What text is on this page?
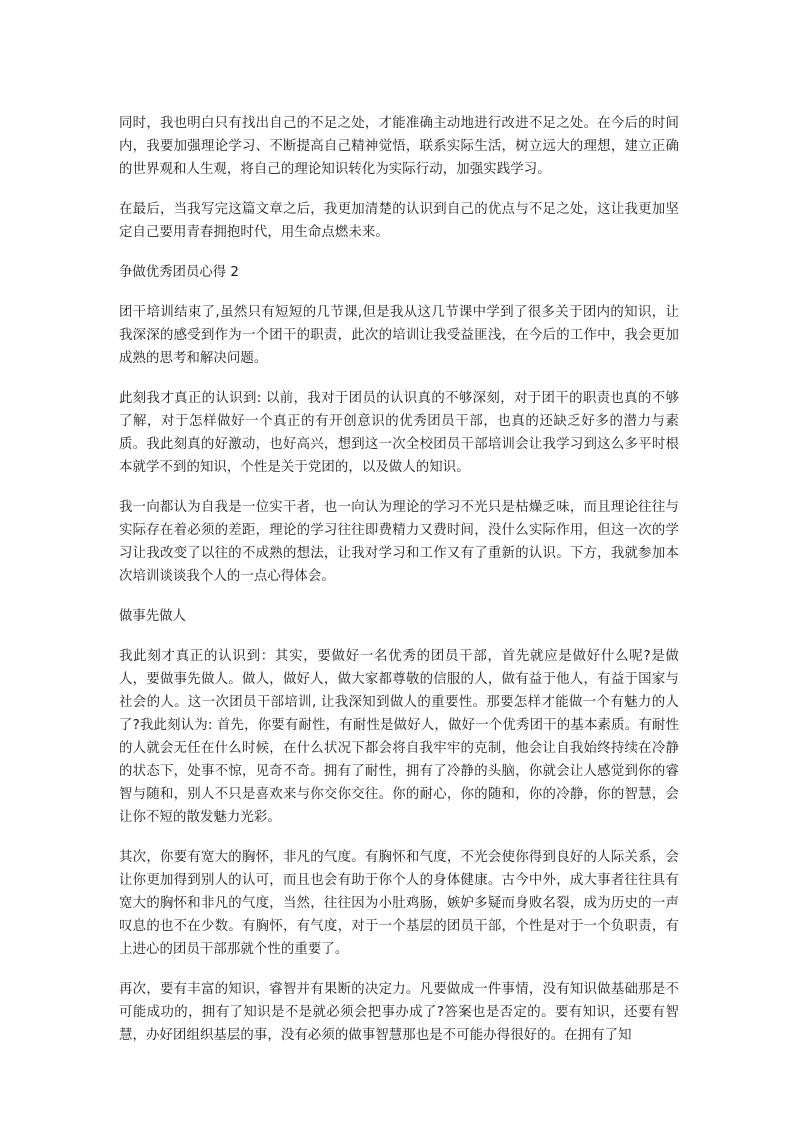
同时，我也明白只有找出自己的不足之处，才能准确主动地进行改进不足之处。在今后的时间内，我要加强理论学习、不断提高自己精神觉悟，联系实际生活，树立远大的理想，建立正确的世界观和人生观，将自己的理论知识转化为实际行动，加强实践学习。

在最后，当我写完这篇文章之后，我更加清楚的认识到自己的优点与不足之处，这让我更加坚定自己要用青春拥抱时代，用生命点燃未来。

争做优秀团员心得 2

团干培训结束了,虽然只有短短的几节课,但是我从这几节课中学到了很多关于团内的知识，让我深深的感受到作为一个团干的职责，此次的培训让我受益匪浅，在今后的工作中，我会更加成熟的思考和解决问题。

此刻我才真正的认识到: 以前，我对于团员的认识真的不够深刻，对于团干的职责也真的不够了解，对于怎样做好一个真正的有开创意识的优秀团员干部，也真的还缺乏好多的潜力与素质。我此刻真的好激动，也好高兴，想到这一次全校团员干部培训会让我学习到这么多平时根本就学不到的知识，个性是关于党团的，以及做人的知识。

我一向都认为自我是一位实干者，也一向认为理论的学习不光只是枯燥乏味，而且理论往往与实际存在着必须的差距，理论的学习往往即费精力又费时间，没什么实际作用，但这一次的学习让我改变了以往的不成熟的想法，让我对学习和工作又有了重新的认识。下方，我就参加本次培训谈谈我个人的一点心得体会。

做事先做人

我此刻才真正的认识到：其实，要做好一名优秀的团员干部，首先就应是做好什么呢?是做人，要做事先做人。做人，做好人，做大家都尊敬的信服的人，做有益于他人，有益于国家与社会的人。这一次团员干部培训, 让我深知到做人的重要性。那要怎样才能做一个有魅力的人了?我此刻认为: 首先，你要有耐性，有耐性是做好人，做好一个优秀团干的基本素质。有耐性的人就会无任在什么时候，在什么状况下都会将自我牢牢的克制，他会让自我始终持续在冷静的状态下，处事不惊，见奇不奇。拥有了耐性，拥有了冷静的头脑，你就会让人感觉到你的睿智与随和，别人不只是喜欢来与你交你交往。你的耐心，你的随和，你的冷静，你的智慧，会让你不短的散发魅力光彩。

其次，你要有宽大的胸怀，非凡的气度。有胸怀和气度，不光会使你得到良好的人际关系，会让你更加得到别人的认可，而且也会有助于你个人的身体健康。古今中外，成大事者往往具有宽大的胸怀和非凡的气度，当然，往往因为小肚鸡肠，嫉妒多疑而身败名裂，成为历史的一声叹息的也不在少数。有胸怀，有气度，对于一个基层的团员干部，个性是对于一个负职责，有上进心的团员干部那就个性的重要了。

再次，要有丰富的知识，睿智并有果断的决定力。凡要做成一件事情，没有知识做基础那是不可能成功的，拥有了知识是不是就必须会把事办成了?答案也是否定的。要有知识，还要有智慧，办好团组织基层的事，没有必须的做事智慧那也是不可能办得很好的。在拥有了知
